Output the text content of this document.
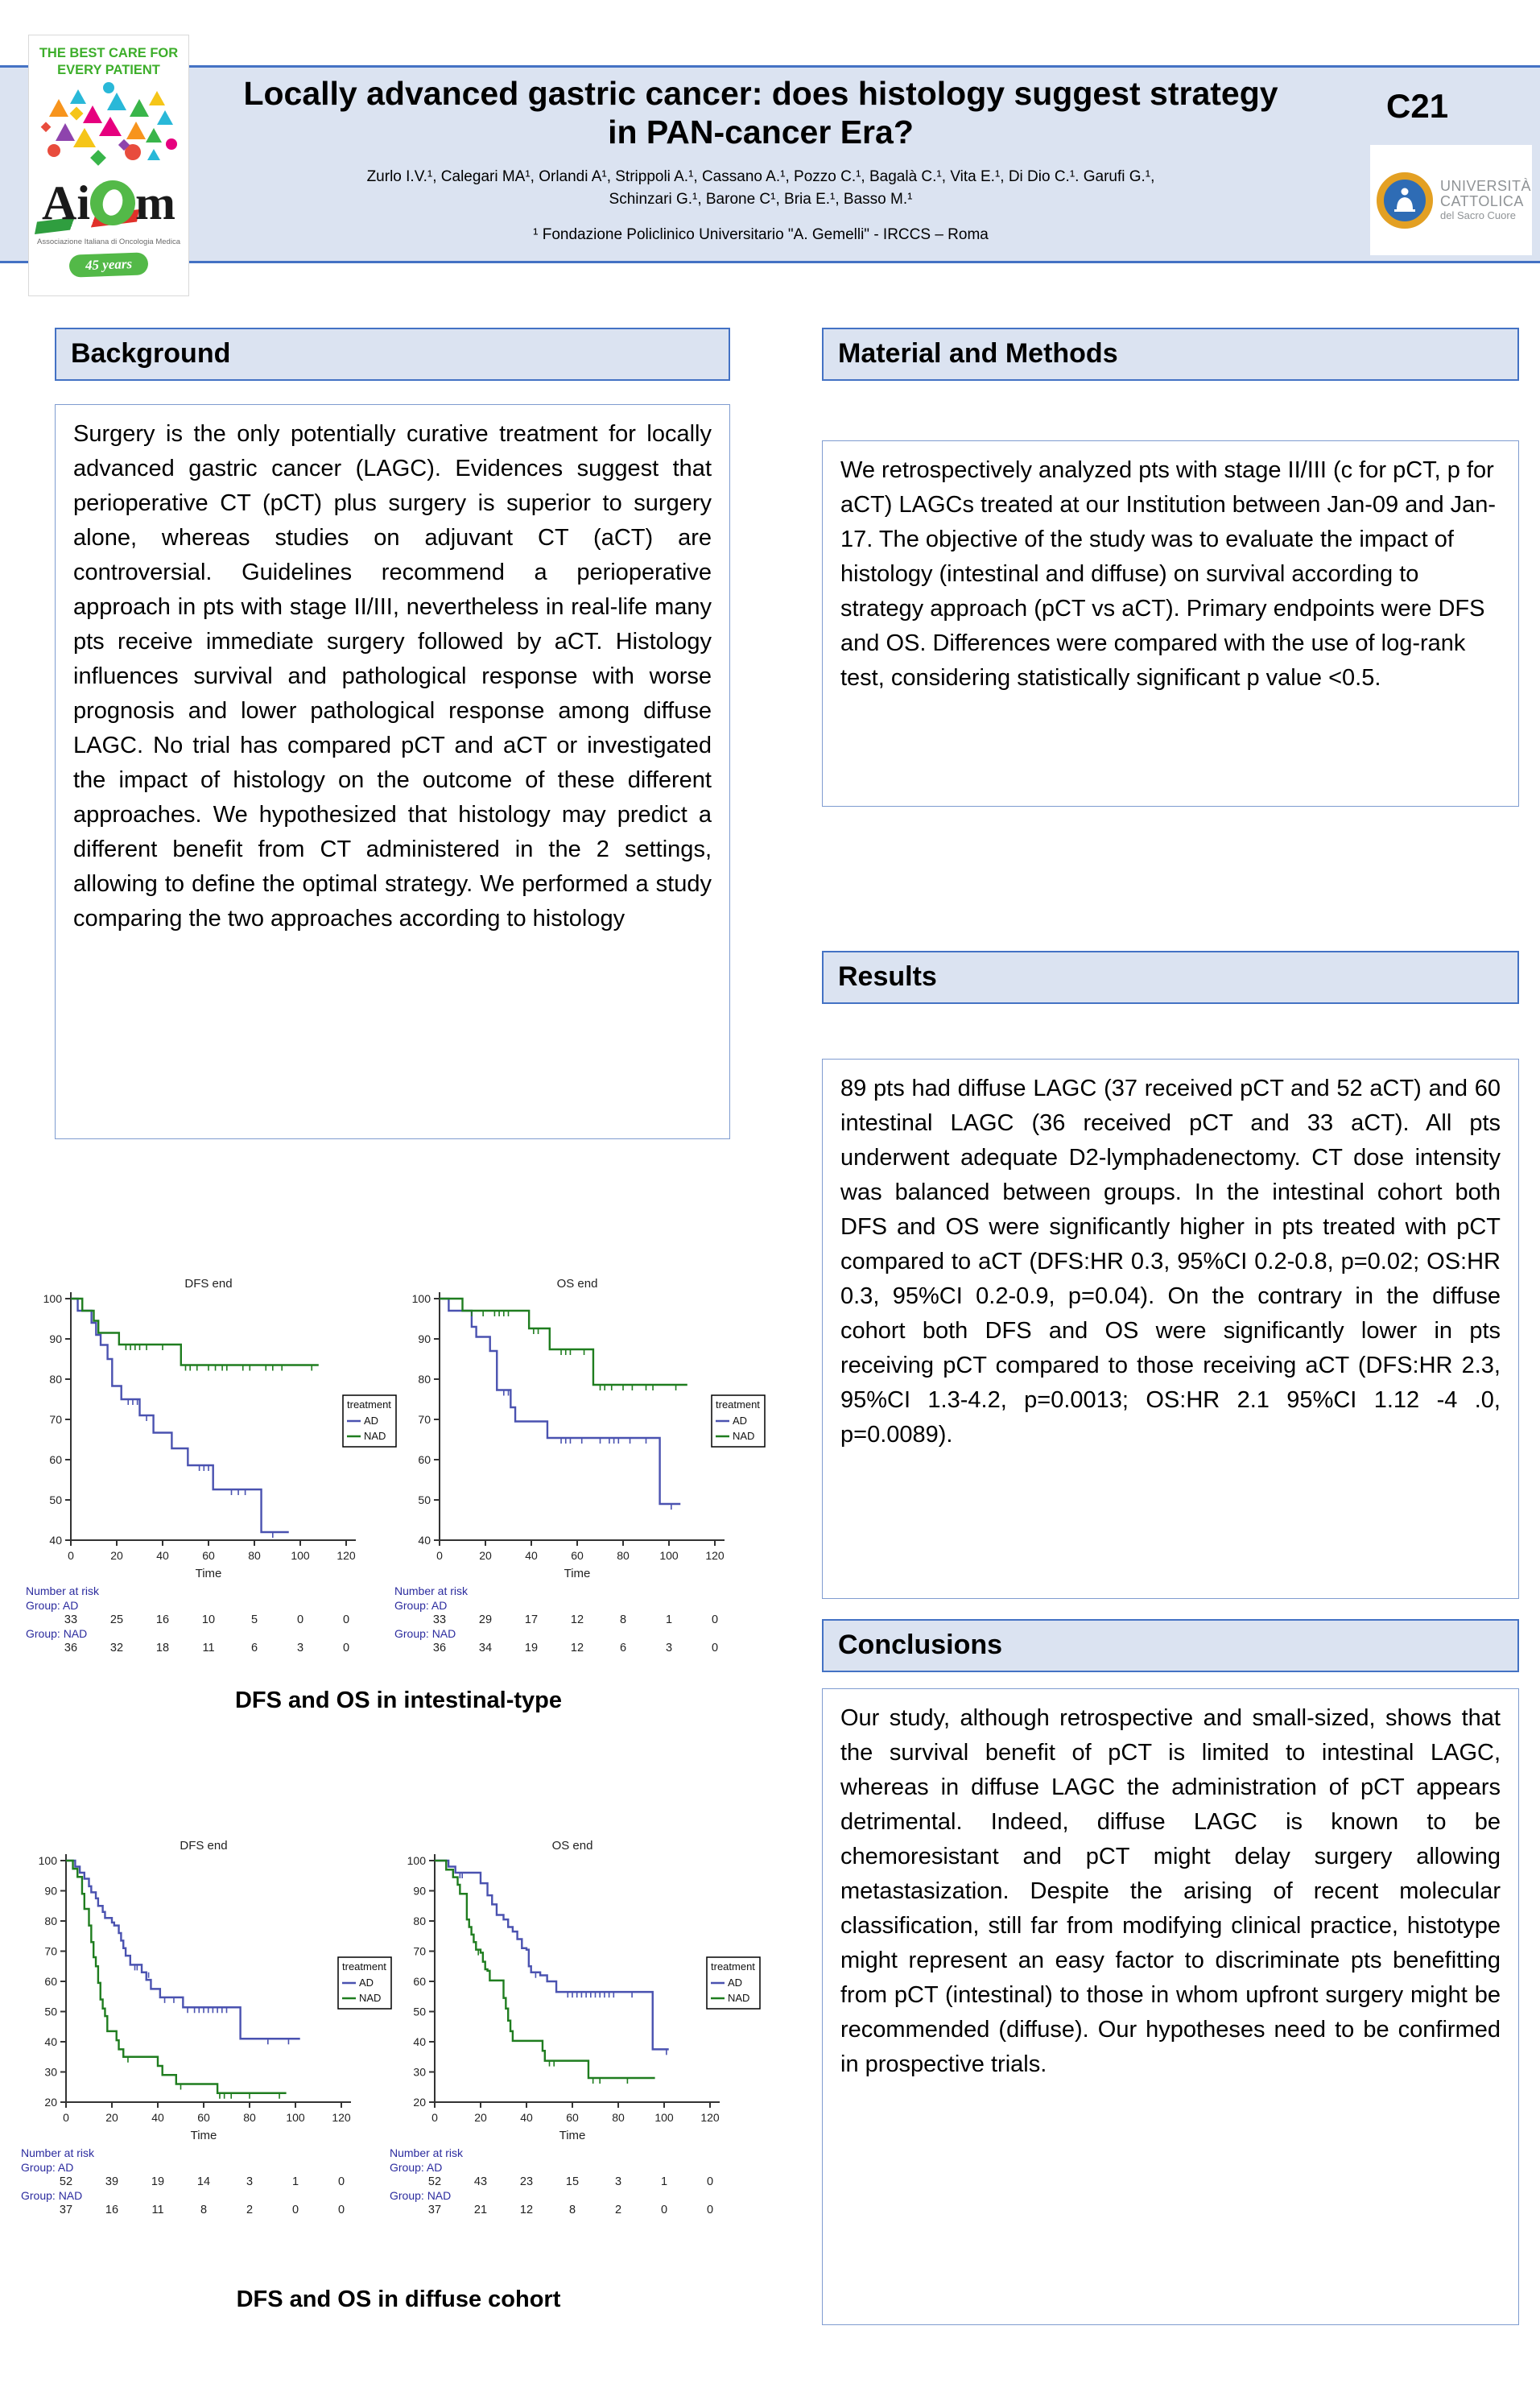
THE BEST CARE FOR
EVERY PATIENT
Ai m
Associazione Italiana di Oncologia Medica
45 years
Locally advanced gastric cancer: does histology suggest strategy in PAN-cancer Era?
C21
Zurlo I.V.¹, Calegari MA¹, Orlandi A¹, Strippoli A.¹, Cassano A.¹, Pozzo C.¹, Bagalà C.¹, Vita E.¹, Di Dio C.¹. Garufi G.¹,
Schinzari G.¹, Barone C¹, Bria E.¹, Basso M.¹
¹ Fondazione Policlinico Universitario "A. Gemelli" - IRCCS – Roma
UNIVERSITÀ
CATTOLICA
del Sacro Cuore
Background
Surgery is the only potentially curative treatment for locally advanced gastric cancer (LAGC). Evidences suggest that perioperative CT (pCT) plus surgery is superior to surgery alone, whereas studies on adjuvant CT (aCT) are controversial. Guidelines recommend a perioperative approach in pts with stage II/III, nevertheless in real-life many pts receive immediate surgery followed by aCT. Histology influences survival and pathological response with worse prognosis and lower pathological response among diffuse LAGC. No trial has compared pCT and aCT or investigated the impact of histology on the outcome of these different approaches. We hypothesized that histology may predict a different benefit from CT administered in the 2 settings, allowing to define the optimal strategy. We performed a study comparing the two approaches according to histology
DFS end
40
50
60
70
80
90
100
0	20	40	60	80	100 120
Time
treatment
AD
NAD
Number at risk
Group: AD
33	25	16	10	5	0	0
Group: NAD
36	32	18	11	6	3	0
OS end
40
50
60
70
80
90
100
0	20	40	60	80	100 120
Time
treatment
AD
NAD
Number at risk
Group: AD
33	29	17	12	8	1	0
Group: NAD
36	34	19	12	6	3	0
DFS and OS in intestinal-type
DFS end
20
30
40
50
60
70
80
90
100
0	20	40	60	80	100 120
Time
treatment
AD
NAD
Number at risk
Group: AD
52	39	19	14	3	1	0
Group: NAD
37	16	11	8	2	0	0
OS end
20
30
40
50
60
70
80
90
100
0	20	40	60	80	100 120
Time
treatment
AD
NAD
Number at risk
Group: AD
52	43	23	15	3	1	0
Group: NAD
37	21	12	8	2	0	0
DFS and OS in diffuse cohort
Material and Methods
We retrospectively analyzed pts with stage II/III (c for pCT, p for aCT) LAGCs treated at our Institution between Jan-09 and Jan-17. The objective of the study was to evaluate the impact of histology (intestinal and diffuse) on survival according to strategy approach (pCT vs aCT). Primary endpoints were DFS and OS. Differences were compared with the use of log-rank test, considering statistically significant p value <0.5.
Results
89 pts had diffuse LAGC (37 received pCT and 52 aCT) and 60 intestinal LAGC (36 received pCT and 33 aCT). All pts underwent adequate D2-lymphadenectomy. CT dose intensity was balanced between groups. In the intestinal cohort both DFS and OS were significantly higher in pts treated with pCT compared to aCT (DFS:HR 0.3, 95%CI 0.2-0.8, p=0.02; OS:HR 0.3, 95%CI 0.2-0.9, p=0.04). On the contrary in the diffuse cohort both DFS and OS were significantly lower in pts receiving pCT compared to those receiving aCT (DFS:HR 2.3, 95%CI 1.3-4.2, p=0.0013; OS:HR 2.1 95%CI 1.12 -4 .0, p=0.0089).
Conclusions
Our study, although retrospective and small-sized, shows that the survival benefit of pCT is limited to intestinal LAGC, whereas in diffuse LAGC the administration of pCT appears detrimental. Indeed, diffuse LAGC is known to be chemoresistant and pCT might delay surgery allowing metastasization. Despite the arising of recent molecular classification, still far from modifying clinical practice, histotype might represent an easy factor to discriminate pts benefitting from pCT (intestinal) to those in whom upfront surgery might be recommended (diffuse). Our hypotheses need to be confirmed in prospective trials.
